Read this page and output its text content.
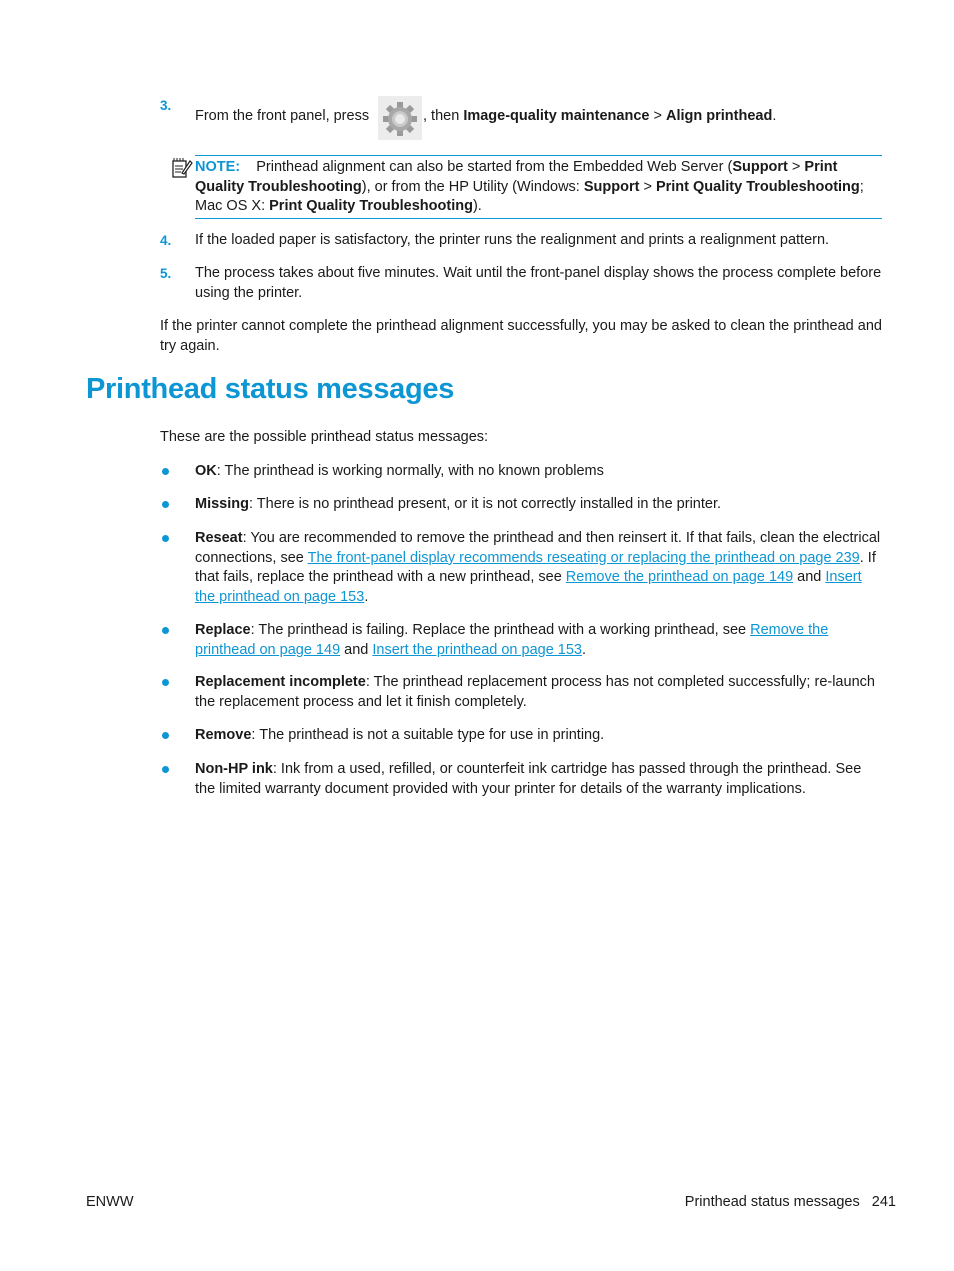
3.
From the front panel, press	, then Image-quality maintenance > Align printhead.
NOTE: Printhead alignment can also be started from the Embedded Web Server (Support > Print Quality Troubleshooting), or from the HP Utility (Windows: Support > Print Quality Troubleshooting; Mac OS X: Print Quality Troubleshooting).
4. If the loaded paper is satisfactory, the printer runs the realignment and prints a realignment pattern.
5. The process takes about five minutes. Wait until the front-panel display shows the process complete before using the printer.
If the printer cannot complete the printhead alignment successfully, you may be asked to clean the printhead and try again.
Printhead status messages
These are the possible printhead status messages:
OK: The printhead is working normally, with no known problems
Missing: There is no printhead present, or it is not correctly installed in the printer.
Reseat: You are recommended to remove the printhead and then reinsert it. If that fails, clean the electrical connections, see The front-panel display recommends reseating or replacing the printhead on page 239. If that fails, replace the printhead with a new printhead, see Remove the printhead on page 149 and Insert the printhead on page 153.
Replace: The printhead is failing. Replace the printhead with a working printhead, see Remove the printhead on page 149 and Insert the printhead on page 153.
Replacement incomplete: The printhead replacement process has not completed successfully; re-launch the replacement process and let it finish completely.
Remove: The printhead is not a suitable type for use in printing.
Non-HP ink: Ink from a used, refilled, or counterfeit ink cartridge has passed through the printhead. See the limited warranty document provided with your printer for details of the warranty implications.
ENWW	Printhead status messages 241
